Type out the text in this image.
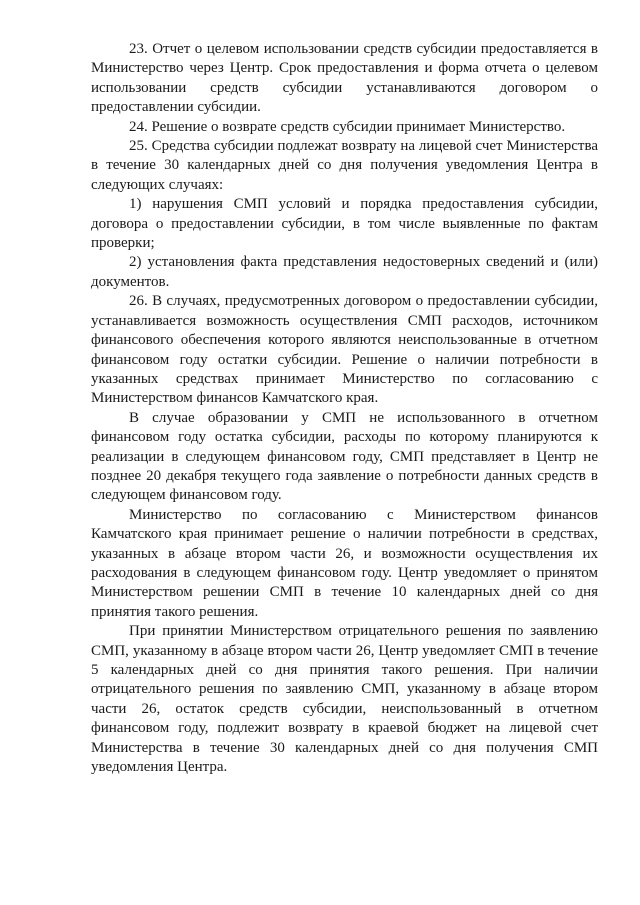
23. Отчет о целевом использовании средств субсидии предоставляется в Министерство через Центр. Срок предоставления и форма отчета о целевом использовании средств субсидии устанавливаются договором о предоставлении субсидии.

24. Решение о возврате средств субсидии принимает Министерство.

25. Средства субсидии подлежат возврату на лицевой счет Министерства в течение 30 календарных дней со дня получения уведомления Центра в следующих случаях:

1) нарушения СМП условий и порядка предоставления субсидии, договора о предоставлении субсидии, в том числе выявленные по фактам проверки;

2) установления факта представления недостоверных сведений и (или) документов.

26. В случаях, предусмотренных договором о предоставлении субсидии, устанавливается возможность осуществления СМП расходов, источником финансового обеспечения которого являются неиспользованные в отчетном финансовом году остатки субсидии. Решение о наличии потребности в указанных средствах принимает Министерство по согласованию с Министерством финансов Камчатского края.

В случае образовании у СМП не использованного в отчетном финансовом году остатка субсидии, расходы по которому планируются к реализации в следующем финансовом году, СМП представляет в Центр не позднее 20 декабря текущего года заявление о потребности данных средств в следующем финансовом году.

Министерство по согласованию с Министерством финансов Камчатского края принимает решение о наличии потребности в средствах, указанных в абзаце втором части 26, и возможности осуществления их расходования в следующем финансовом году. Центр уведомляет о принятом Министерством решении СМП в течение 10 календарных дней со дня принятия такого решения.

При принятии Министерством отрицательного решения по заявлению СМП, указанному в абзаце втором части 26, Центр уведомляет СМП в течение 5 календарных дней со дня принятия такого решения. При наличии отрицательного решения по заявлению СМП, указанному в абзаце втором части 26, остаток средств субсидии, неиспользованный в отчетном финансовом году, подлежит возврату в краевой бюджет на лицевой счет Министерства в течение 30 календарных дней со дня получения СМП уведомления Центра.
